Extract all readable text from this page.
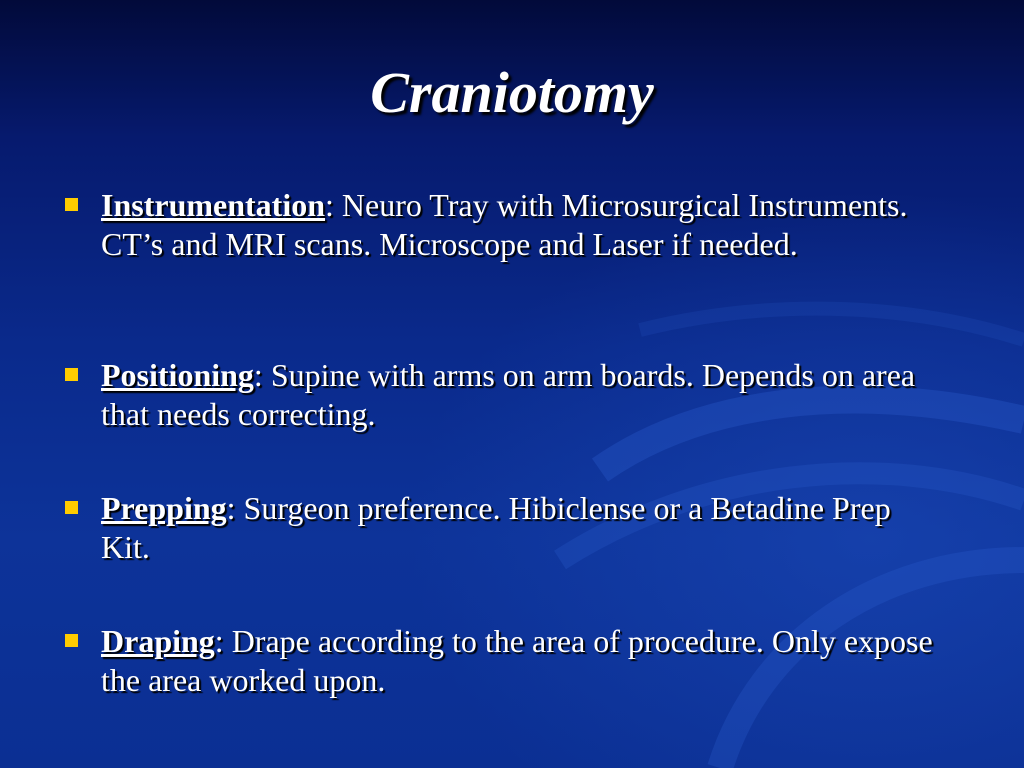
Craniotomy

Instrumentation: Neuro Tray with Microsurgical Instruments. CT’s and MRI scans. Microscope and Laser if needed.

Positioning: Supine with arms on arm boards. Depends on area that needs correcting.

Prepping: Surgeon preference. Hibiclense or a Betadine Prep Kit.

Draping: Drape according to the area of procedure. Only expose the area worked upon.
